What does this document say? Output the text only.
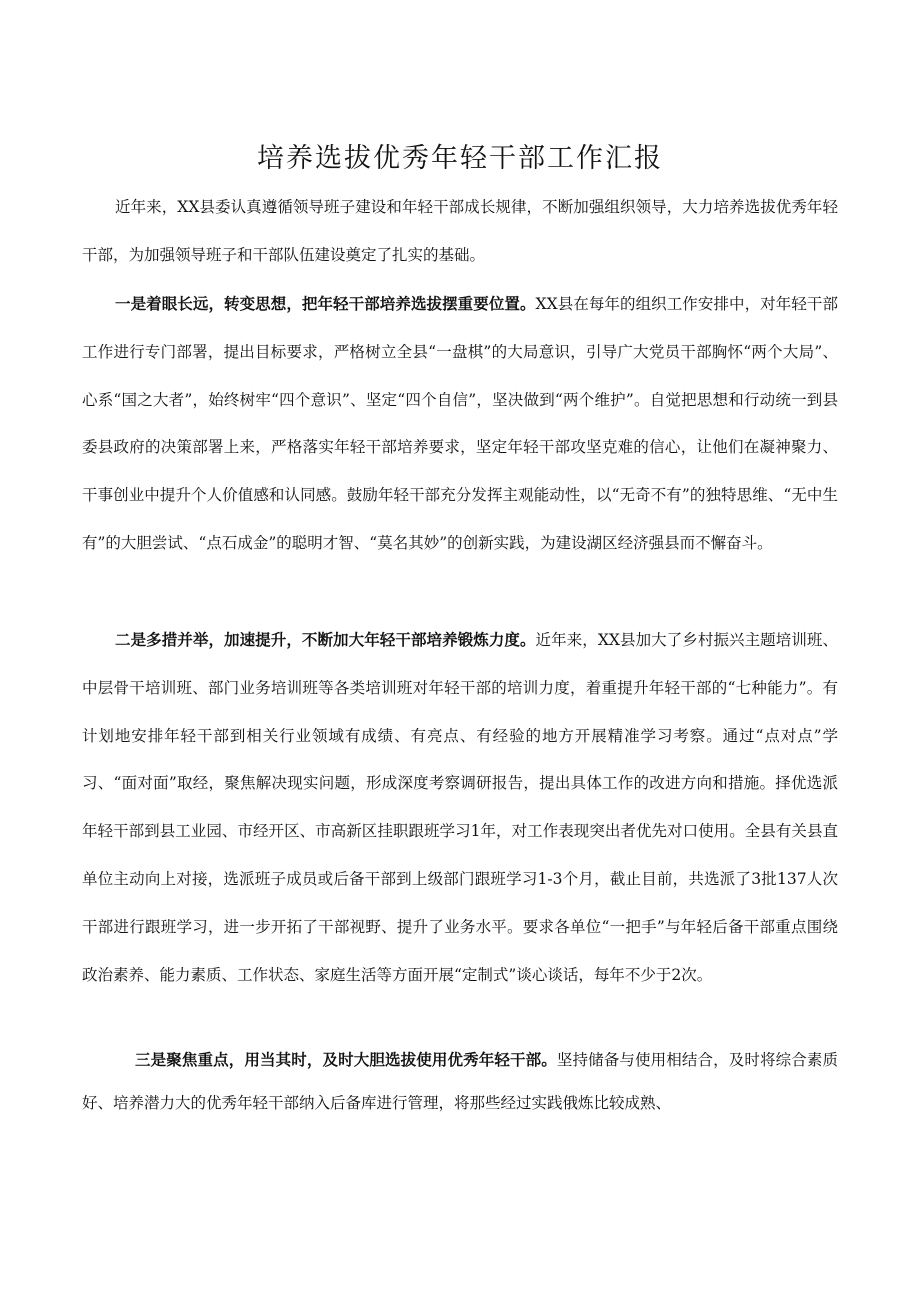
培养选拔优秀年轻干部工作汇报

近年来，XX县委认真遵循领导班子建设和年轻干部成长规律，不断加强组织领导，大力培养选拔优秀年轻干部，为加强领导班子和干部队伍建设奠定了扎实的基础。

一是着眼长远，转变思想，把年轻干部培养选拔摆重要位置。XX县在每年的组织工作安排中，对年轻干部工作进行专门部署，提出目标要求，严格树立全县“一盘棋”的大局意识，引导广大党员干部胸怀“两个大局”、心系“国之大者”，始终树牢“四个意识”、坚定“四个自信”，坚决做到“两个维护”。自觉把思想和行动统一到县委县政府的决策部署上来，严格落实年轻干部培养要求，坚定年轻干部攻坚克难的信心，让他们在凝神聚力、干事创业中提升个人价值感和认同感。鼓励年轻干部充分发挥主观能动性，以“无奇不有”的独特思维、“无中生有”的大胆尝试、“点石成金”的聪明才智、“莫名其妙”的创新实践，为建设湖区经济强县而不懈奋斗。

二是多措并举，加速提升，不断加大年轻干部培养锻炼力度。近年来，XX县加大了乡村振兴主题培训班、中层骨干培训班、部门业务培训班等各类培训班对年轻干部的培训力度，着重提升年轻干部的“七种能力”。有计划地安排年轻干部到相关行业领域有成绩、有亮点、有经验的地方开展精准学习考察。通过“点对点”学习、“面对面”取经，聚焦解决现实问题，形成深度考察调研报告，提出具体工作的改进方向和措施。择优选派年轻干部到县工业园、市经开区、市高新区挂职跟班学习1年，对工作表现突出者优先对口使用。全县有关县直单位主动向上对接，选派班子成员或后备干部到上级部门跟班学习1-3个月，截止目前，共选派了3批137人次干部进行跟班学习，进一步开拓了干部视野、提升了业务水平。要求各单位“一把手”与年轻后备干部重点围绕政治素养、能力素质、工作状态、家庭生活等方面开展“定制式”谈心谈话，每年不少于2次。

三是聚焦重点，用当其时，及时大胆选拔使用优秀年轻干部。坚持储备与使用相结合，及时将综合素质好、培养潜力大的优秀年轻干部纳入后备库进行管理，将那些经过实践俄炼比较成熟、
